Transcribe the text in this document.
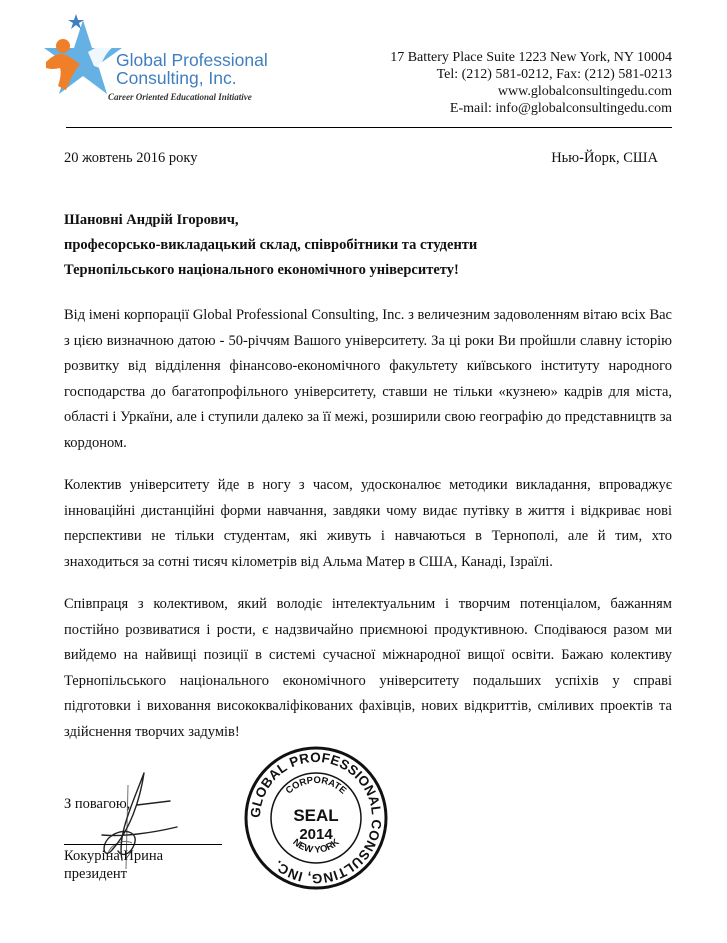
Global Professional
Consulting, Inc.
Career Oriented Educational Initiative
17 Battery Place Suite 1223 New York, NY 10004
Tel: (212) 581-0212, Fax: (212) 581-0213
www.globalconsultingedu.com
E-mail: info@globalconsultingedu.com
20 жовтень 2016 року	Нью-Йорк, США
Шановні Андрій Ігорович,
професорсько-викладацький склад, співробітники та студенти
Тернопільського національного економічного університету!

Від імені корпорації Global Professional Consulting, Inc. з величезним задоволенням вітаю всіх Вас з цією визначною датою - 50-річчям Вашого університету. За ці роки Ви пройшли славну історію розвитку від відділення фінансово-економічного факультету київського інституту народного господарства до багатопрофільного університету, ставши не тільки «кузнею» кадрів для міста, області і Уркаїни, але і ступили далеко за її межі, розширили свою географію до представництв за кордоном.

Колектив університету йде в ногу з часом, удосконалює методики викладання, впроваджує інноваційні дистанційні форми навчання, завдяки чому видає путівку в життя і відкриває нові перспективи не тільки студентам, які живуть і навчаються в Тернополі, але й тим, хто знаходиться за сотні тисяч кілометрів від Альма Матер в США, Канаді, Ізраїлі.

Співпраця з колективом, який володіє інтелектуальним і творчим потенціалом, бажанням постійно розвиватися і рости, є надзвичайно приємноюі продуктивною. Сподіваюся разом ми вийдемо на найвищі позиції в системі сучасної міжнародної вищої освіти. Бажаю колективу Тернопільського національного економічного університету подальших успіхів у справі підготовки і виховання висококваліфікованих фахівців, нових відкриттів, сміливих проектів та здійснення творчих задумів!

З повагою,
Кокуріна Ирина
президент
GLOBAL PROFESSIONAL CONSULTING, INC.
CORPORATE
SEAL
2014
NEW YORK
